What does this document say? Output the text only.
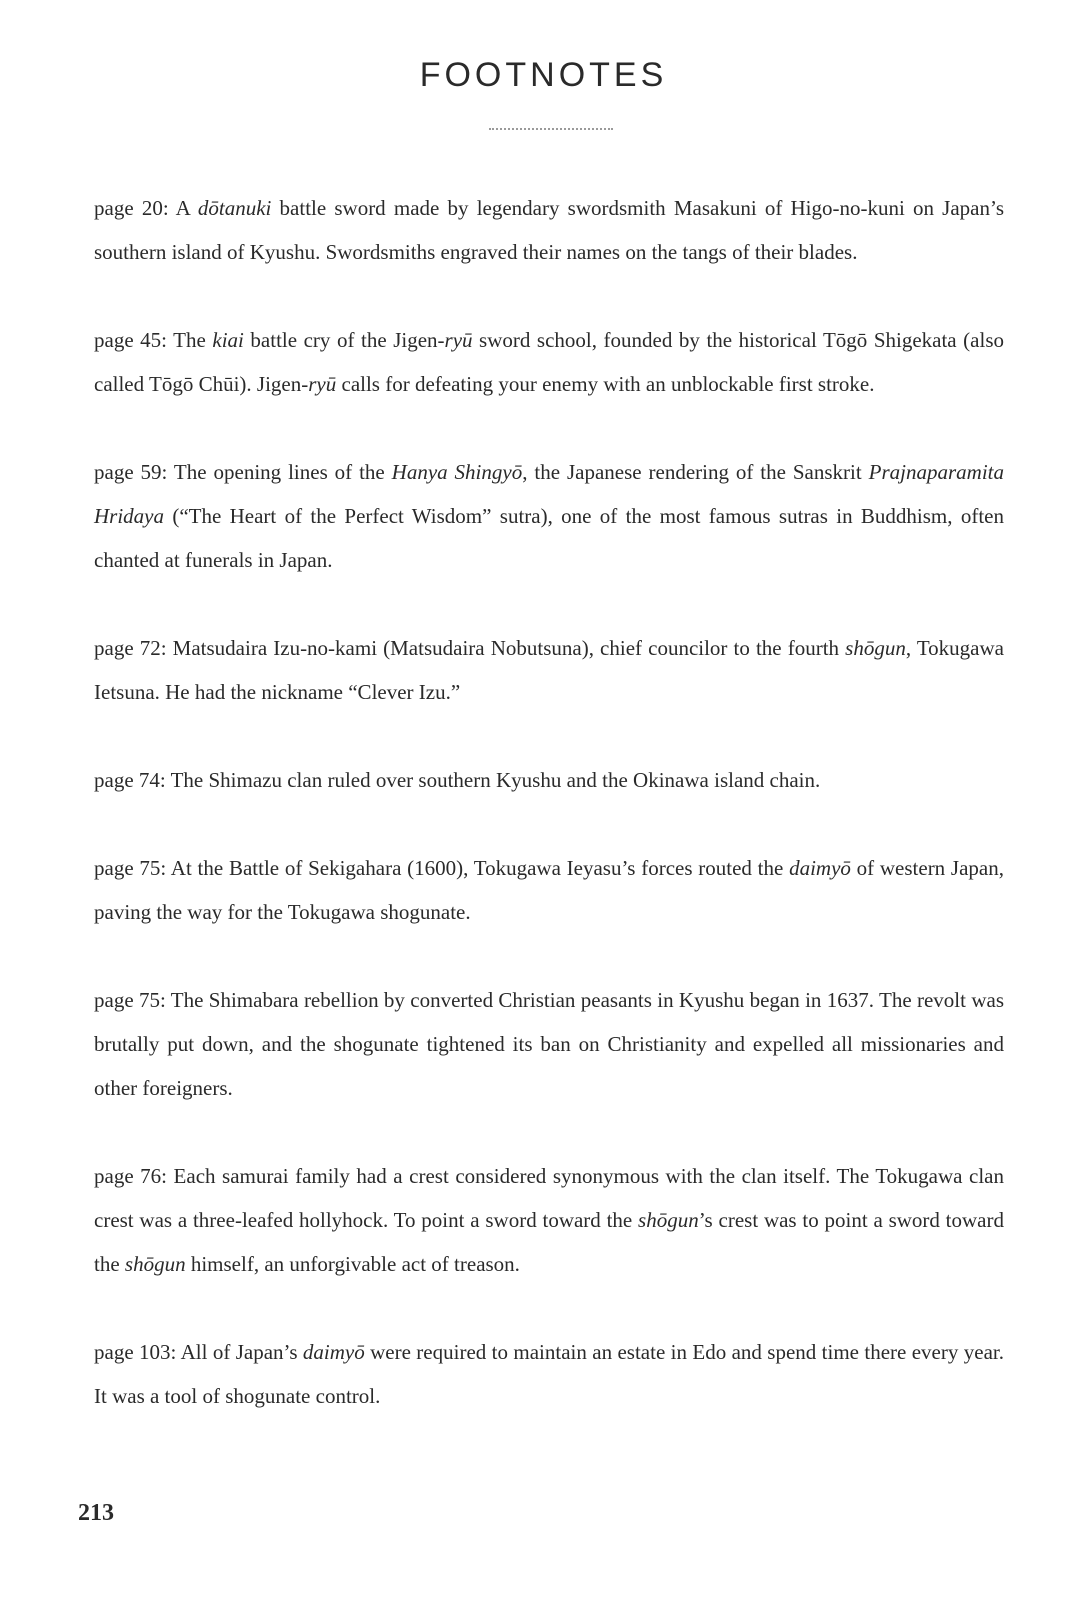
FOOTNOTES

page 20: A dōtanuki battle sword made by legendary swordsmith Masakuni of Higo-no-kuni on Japan’s southern island of Kyushu. Swordsmiths engraved their names on the tangs of their blades.

page 45: The kiai battle cry of the Jigen-ryū sword school, founded by the historical Tōgō Shigekata (also called Tōgō Chūi). Jigen-ryū calls for defeating your enemy with an unblockable first stroke.

page 59: The opening lines of the Hanya Shingyō, the Japanese rendering of the Sanskrit Prajnaparamita Hridaya (“The Heart of the Perfect Wisdom” sutra), one of the most famous sutras in Buddhism, often chanted at funerals in Japan.

page 72: Matsudaira Izu-no-kami (Matsudaira Nobutsuna), chief councilor to the fourth shōgun, Tokugawa Ietsuna. He had the nickname “Clever Izu.”

page 74: The Shimazu clan ruled over southern Kyushu and the Okinawa island chain.

page 75: At the Battle of Sekigahara (1600), Tokugawa Ieyasu’s forces routed the daimyō of western Japan, paving the way for the Tokugawa shogunate.

page 75: The Shimabara rebellion by converted Christian peasants in Kyushu began in 1637. The revolt was brutally put down, and the shogunate tightened its ban on Christianity and expelled all missionaries and other foreigners.

page 76: Each samurai family had a crest considered synonymous with the clan itself. The Tokugawa clan crest was a three-leafed hollyhock. To point a sword toward the shōgun’s crest was to point a sword toward the shōgun himself, an unforgivable act of treason.

page 103: All of Japan’s daimyō were required to maintain an estate in Edo and spend time there every year. It was a tool of shogunate control.

213
